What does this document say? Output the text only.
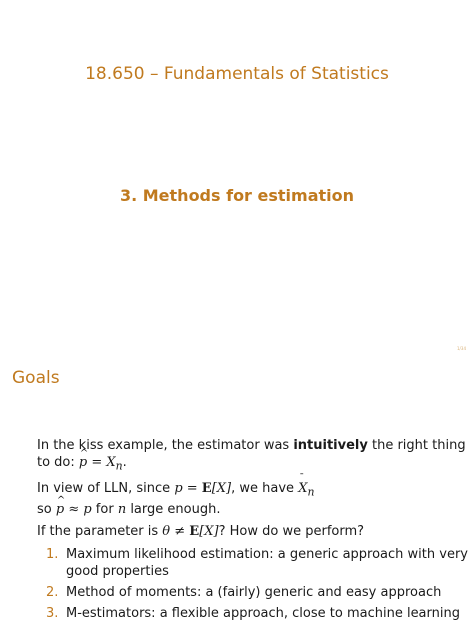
18.650 – Fundamentals of Statistics
3. Methods for estimation
1/34
Goals
In the kiss example, the estimator was intuitively the right thing
to do: ^ $p = X_n$.
In view of LLN, since p = E[X], we have ¯ $X_n$
so ^ p ≈ p for n large enough.
If the parameter is θ ≠ E[X]? How do we perform?
1. Maximum likelihood estimation: a generic approach with very
good properties
2. Method of moments: a (fairly) generic and easy approach
3. M-estimators: a flexible approach, close to machine learning
